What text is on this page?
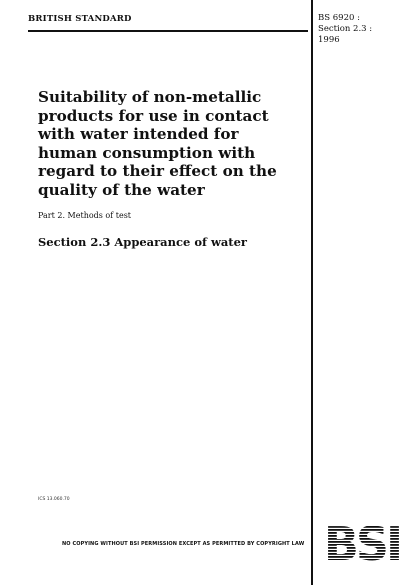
BRITISH STANDARD	BS 6920 :
Section 2.3 :
1996
Suitability of non-metallic
products for use in contact
with water intended for
human consumption with
regard to their effect on the
quality of the water
Part 2. Methods of test
Section 2.3 Appearance of water
ICS 13.060.70
NO COPYING WITHOUT BSI PERMISSION EXCEPT AS PERMITTED BY COPYRIGHT LAW
